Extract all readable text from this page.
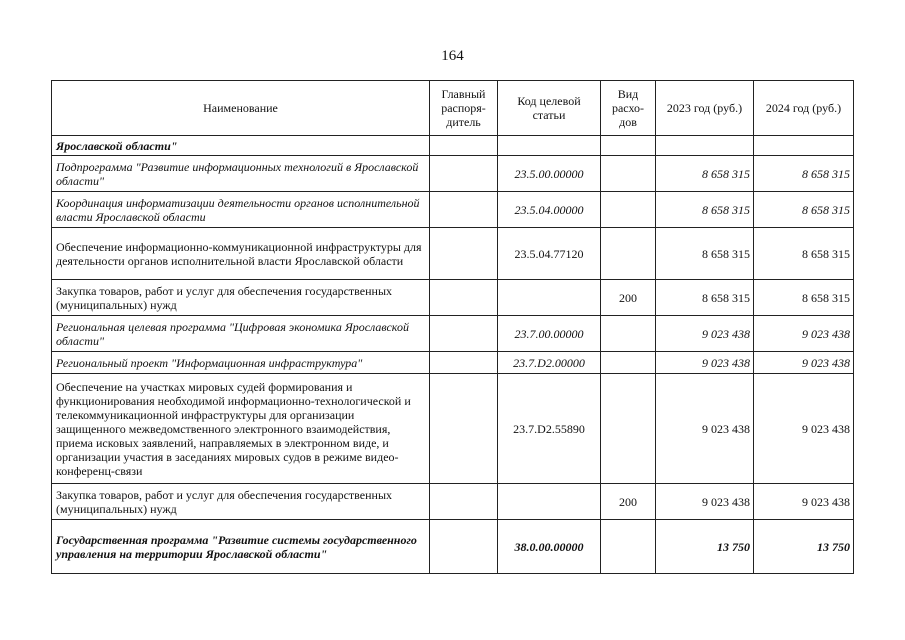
164
Наименование	Главный распоря-дитель	Код целевой статьи	Вид расхо-дов	2023 год (руб.)	2024 год (руб.)
Ярославской области"					
Подпрограмма "Развитие информационных технологий в Ярославской области"		23.5.00.00000		8 658 315	8 658 315
Координация информатизации деятельности органов исполнительной власти Ярославской области		23.5.04.00000		8 658 315	8 658 315
Обеспечение информационно-коммуникационной инфраструктуры для деятельности органов исполнительной власти Ярославской области		23.5.04.77120		8 658 315	8 658 315
Закупка товаров, работ и услуг для обеспечения государственных (муниципальных) нужд			200	8 658 315	8 658 315
Региональная целевая программа "Цифровая экономика Ярославской области"		23.7.00.00000		9 023 438	9 023 438
Региональный проект "Информационная инфраструктура"		23.7.D2.00000		9 023 438	9 023 438
Обеспечение на участках мировых судей формирования и функционирования необходимой информационно-технологической и телекоммуникационной инфраструктуры для организации защищенного межведомственного электронного взаимодействия, приема исковых заявлений, направляемых в электронном виде, и организации участия в заседаниях мировых судов в режиме видео-конференц-связи		23.7.D2.55890		9 023 438	9 023 438
Закупка товаров, работ и услуг для обеспечения государственных (муниципальных) нужд			200	9 023 438	9 023 438
Государственная программа "Развитие системы государственного управления на территории Ярославской области"		38.0.00.00000		13 750	13 750
